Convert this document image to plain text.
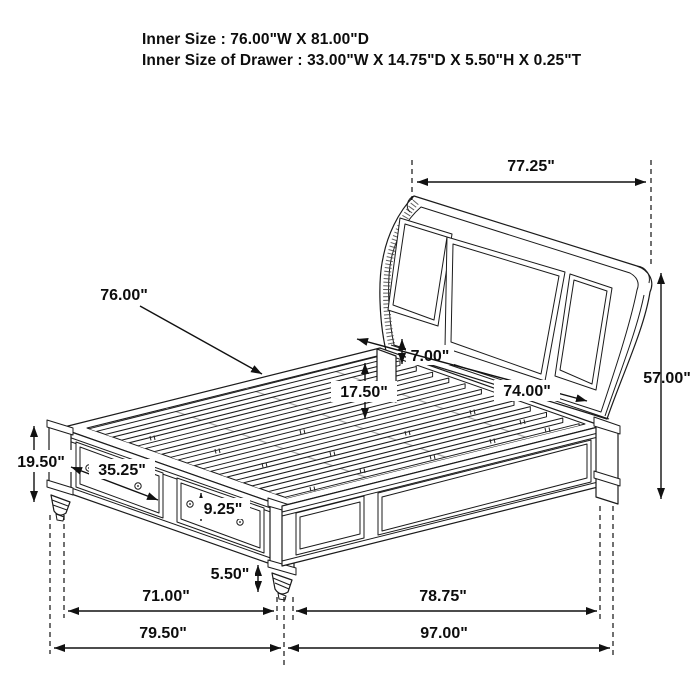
Inner Size : 76.00"W X 81.00"D
Inner Size of Drawer : 33.00"W X 14.75"D X 5.50"H X 0.25"T
77.25"
57.00"
76.00"
7.00"
17.50"	74.00"
19.50" 35.25"
9.25"
5.50"
71.00"	78.75"
79.50"	97.00"
